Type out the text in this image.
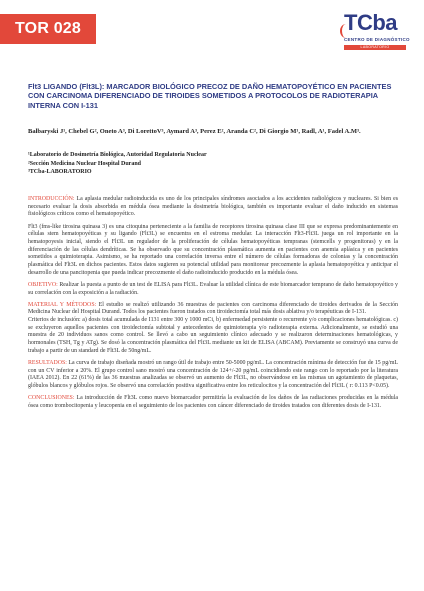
TOR 028	TCba
CENTRO DE DIAGNÓSTICO
LABORATORIO
Flt3 LIGANDO (Flt3L): MARCADOR BIOLÓGICO PRECOZ DE DAÑO HEMATOPOYÉTICO EN PACIENTES CON CARCINOMA DIFERENCIADO DE TIROIDES SOMETIDOS A PROTOCOLOS DE RADIOTERAPIA INTERNA CON I-131
Balbaryski J¹, Chebel G², Oneto A³, Di LorettoV³, Aymard A³, Perez E², Aranda C², Di Giorgio M¹, Radl, A¹, Fadel A.M³.
¹Laboratorio de Dosimetría Biológica, Autoridad Regulatoria Nuclear
²Sección Medicina Nuclear Hospital Durand
³TCba-LABORATORIO

INTRODUCCIÓN: La aplasia medular radioinducida es uno de los principales síndromes asociados a los accidentes radiológicos y nucleares. Si bien es necesario evaluar la dosis absorbida en médula ósea mediante la dosimetría biológica, también es importante evaluar el daño inducido en sistemas fisiológicos críticos como el hematopoyético.

Flt3 (fms-like tirosina quinasa 3) es una citoquina perteneciente a la familia de receptores tirosina quinasa clase III que se expresa predominantemente en células stem hematopoyéticas y su ligando (Flt3L) se encuentra en el estroma medular. La interacción Flt3-Flt3L juega un rol importante en la hematopoyesis inicial, siendo el Flt3L un regulador de la proliferación de células hematopoyéticas tempranas (stemcells y progenitoras) y en la diferenciación de las células dendríticas. Se ha observado que su concentración plasmática aumenta en pacientes con anemia aplásica y en pacientes sometidos a quimioterapia. Asimismo, se ha reportado una correlación inversa entre el número de células formadoras de colonias y la concentración plasmática del Flt3L en dichos pacientes. Estos datos sugieren su potencial utilidad para monitorear precozmente la aplasia hematopoyética y anticipar el desarrollo de una pancitopenia que pueda indicar precozmente el daño radioinducido producido en la médula ósea.

OBJETIVO: Realizar la puesta a punto de un test de ELISA para Flt3L. Evaluar la utilidad clínica de este biomarcador temprano de daño hematopoyético y su correlación con la exposición a la radiación.

MATERIAL Y MÉTODOS: El estudio se realizó utilizando 36 muestras de pacientes con carcinoma diferenciado de tiroides derivados de la Sección Medicina Nuclear del Hospital Durand. Todos los pacientes fueron tratados con tiroidectomía total más dosis ablativa y/o terapéuticas de I-131.

Criterios de inclusión: a) dosis total acumulada de I131 entre 300 y 1000 mCi, b) enfermedad persistente o recurrente y/o complicaciones hematológicas. c) se excluyeron aquellos pacientes con tiroidectomía subtotal y antecedentes de quimioterapia y/o radioterapia externa. Adicionalmente, se estudió una muestra de 20 individuos sanos como control. Se llevó a cabo un seguimiento clínico adecuado y se realizaron determinaciones hematológicas, y hormonales (TSH, Tg y ATg). Se dosó la concentración plasmática del Flt3L mediante un kit de ELISA (ABCAM). Previamente se construyó una curva de trabajo a partir de un standard de Flt3L de 50ng/mL.

RESULTADOS: La curva de trabajo diseñada mostró un rango útil de trabajo entre 50-5000 pg/mL. La concentración mínima de detección fue de 15 pg/mL con un CV inferior a 20%. El grupo control sano mostró una concentración de 124+/-20 pg/mL coincidiendo este rango con lo reportado por la literatura (IAEA 2012). En 22 (61%) de las 36 muestras analizadas se observó un aumento de Flt3L, no observándose en las mismas un agotamiento de plaquetas, glóbulos blancos y glóbulos rojos. Se observó una correlación positiva significativa entre los reticulocitos y la concentración del Flt3L ( r: 0.113 P<0.05).

CONCLUSIONES: La introducción de Flt3L como nuevo biomarcador permitiría la evaluación de los daños de las radiaciones producidas en la médula ósea como trombocitopenia y leucopenia en el seguimiento de los pacientes con cáncer diferenciado de tiroides tratados con diferentes dosis de I-131.
